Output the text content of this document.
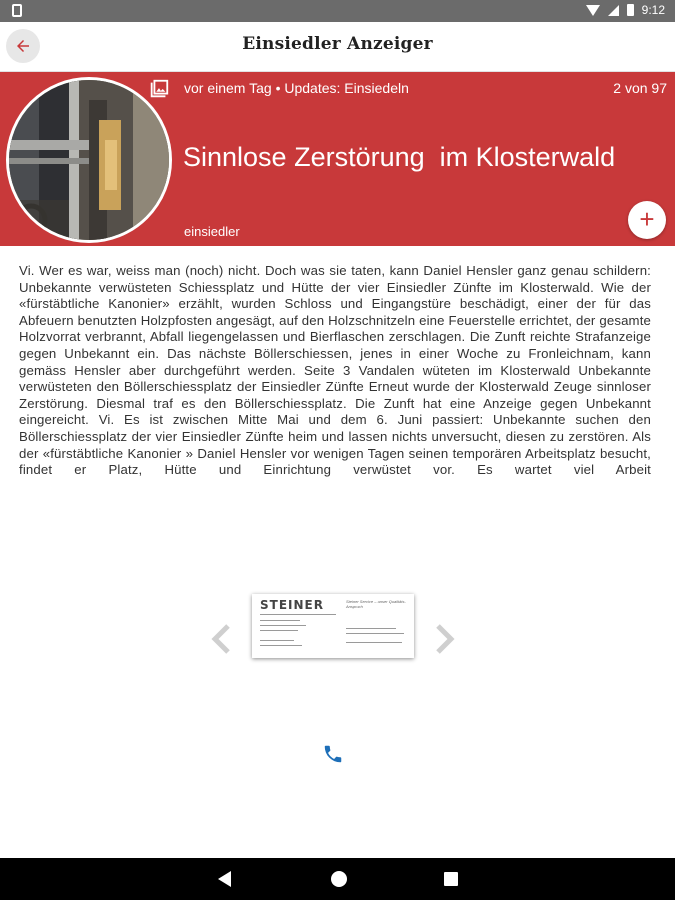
9:12
Einsiedler Anzeiger
vor einem Tag • Updates: Einsiedeln	2 von 97
Sinnlose Zerstörung  im Klosterwald
einsiedler	+
Vi. Wer es war, weiss man (noch) nicht. Doch was sie taten, kann Daniel Hensler ganz genau schildern: Unbekannte verwüsteten Schiessplatz und Hütte der vier Einsiedler Zünfte im Klosterwald. Wie der «fürstäbtliche Kanonier» erzählt, wurden Schloss und Eingangstüre beschädigt, einer der für das Abfeuern benutzten Holzpfosten angesägt, auf den Holzschnitzeln eine Feuerstelle errichtet, der gesamte Holzvorrat verbrannt, Abfall liegengelassen und Bierflaschen zerschlagen. Die Zunft reichte Strafanzeige gegen Unbekannt ein. Das nächste Böllerschiessen, jenes in einer Woche zu Fronleichnam, kann gemäss Hensler aber durchgeführt werden. Seite 3 Vandalen wüteten im Klosterwald Unbekannte verwüsteten den Böllerschiessplatz der Einsiedler Zünfte Erneut wurde der Klosterwald Zeuge sinnloser Zerstörung. Diesmal traf es den Böllerschiessplatz. Die Zunft hat eine Anzeige gegen Unbekannt eingereicht. Vi. Es ist zwischen Mitte Mai und dem 6. Juni passiert: Unbekannte suchen den Böllerschiessplatz der vier Einsiedler Zünfte heim und lassen nichts unversucht, diesen zu zerstören. Als der «fürstäbtliche Kanonier » Daniel Hensler vor wenigen Tagen seinen temporären Arbeitsplatz besucht, findet er Platz, Hütte und Einrichtung verwüstet vor. Es wartet viel Arbeit
STEINER	Steiner Service – unser Qualitäts-Anspruch
